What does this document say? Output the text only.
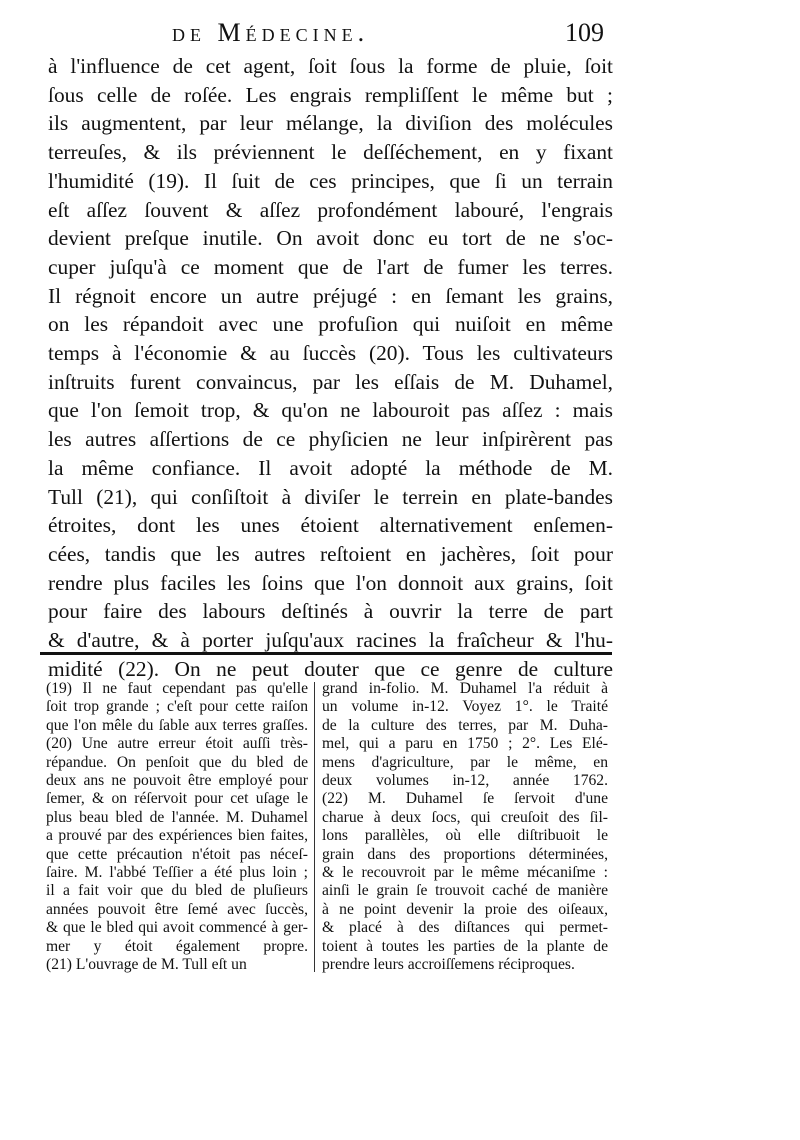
de Médecine.	109
à l'influence de cet agent, ſoit ſous la forme de pluie, ſoit
ſous celle de roſée. Les engrais rempliſſent le même but ;
ils augmentent, par leur mélange, la diviſion des molécules
terreuſes, & ils préviennent le deſſéchement, en y fixant
l'humidité (19). Il ſuit de ces principes, que ſi un terrain
eſt aſſez ſouvent & aſſez profondément labouré, l'engrais
devient preſque inutile. On avoit donc eu tort de ne s'oc-
cuper juſqu'à ce moment que de l'art de fumer les terres.
Il régnoit encore un autre préjugé : en ſemant les grains,
on les répandoit avec une profuſion qui nuiſoit en même
temps à l'économie & au ſuccès (20). Tous les cultivateurs
inſtruits furent convaincus, par les eſſais de M. Duhamel,
que l'on ſemoit trop, & qu'on ne labouroit pas aſſez : mais
les autres aſſertions de ce phyſicien ne leur inſpirèrent pas
la même confiance. Il avoit adopté la méthode de M.
Tull (21), qui conſiſtoit à diviſer le terrein en plate-bandes
étroites, dont les unes étoient alternativement enſemen-
cées, tandis que les autres reſtoient en jachères, ſoit pour
rendre plus faciles les ſoins que l'on donnoit aux grains, ſoit
pour faire des labours deſtinés à ouvrir la terre de part
& d'autre, & à porter juſqu'aux racines la fraîcheur & l'hu-
midité (22). On ne peut douter que ce genre de culture
(19) Il ne faut cependant pas qu'elle
ſoit trop grande ; c'eſt pour cette raiſon
que l'on mêle du ſable aux terres graſſes.
(20) Une autre erreur étoit auſſi très-
répandue. On penſoit que du bled de
deux ans ne pouvoit être employé pour
ſemer, & on réſervoit pour cet uſage le
plus beau bled de l'année. M. Duhamel
a prouvé par des expériences bien faites,
que cette précaution n'étoit pas néceſ-
ſaire. M. l'abbé Teſſier a été plus loin ;
il a fait voir que du bled de pluſieurs
années pouvoit être ſemé avec ſuccès,
& que le bled qui avoit commencé à ger-
mer y étoit également propre.
(21) L'ouvrage de M. Tull eſt un
grand in-folio. M. Duhamel l'a réduit à
un volume in-12. Voyez 1°. le Traité
de la culture des terres, par M. Duha-
mel, qui a paru en 1750 ; 2°. Les Elé-
mens d'agriculture, par le même, en
deux volumes in-12, année 1762.
(22) M. Duhamel ſe ſervoit d'une
charue à deux ſocs, qui creuſoit des ſil-
lons parallèles, où elle diſtribuoit le
grain dans des proportions déterminées,
& le recouvroit par le même mécaniſme :
ainſi le grain ſe trouvoit caché de manière
à ne point devenir la proie des oiſeaux,
& placé à des diſtances qui permet-
toient à toutes les parties de la plante de
prendre leurs accroiſſemens réciproques.
